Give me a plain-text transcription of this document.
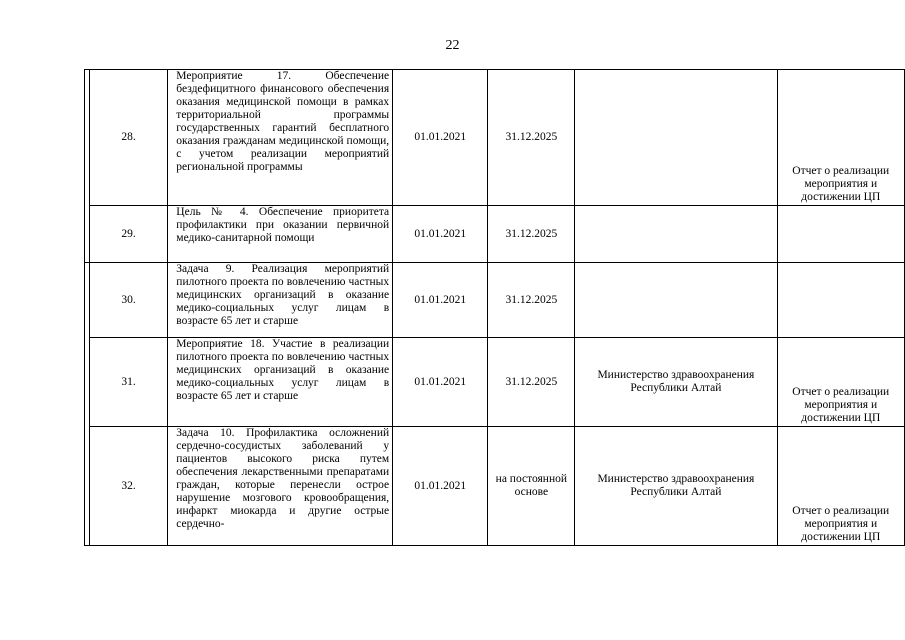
22
	28.	Мероприятие 17. Обеспечение бездефицитного финансового обеспечения оказания медицинской помощи в рамках территориальной программы государственных гарантий бесплатного оказания гражданам медицинской помощи, с учетом реализации мероприятий региональной программы	01.01.2021	31.12.2025		Отчет о реализации мероприятия и достижении ЦП
	29.	Цель № 4. Обеспечение приоритета профилактики при оказании первичной медико-санитарной помощи	01.01.2021	31.12.2025		
	30.	Задача 9. Реализация мероприятий пилотного проекта по вовлечению частных медицинских организаций в оказание медико-социальных услуг лицам в возрасте 65 лет и старше	01.01.2021	31.12.2025		
	31.	Мероприятие 18. Участие в реализации пилотного проекта по вовлечению частных медицинских организаций в оказание медико-социальных услуг лицам в возрасте 65 лет и старше	01.01.2021	31.12.2025	Министерство здравоохранения Республики Алтай	Отчет о реализации мероприятия и достижении ЦП
	32.	Задача 10. Профилактика осложнений сердечно-сосудистых заболеваний у пациентов высокого риска путем обеспечения лекарственными препаратами граждан, которые перенесли острое нарушение мозгового кровообращения, инфаркт миокарда и другие острые сердечно-	01.01.2021	на постоянной основе	Министерство здравоохранения Республики Алтай	Отчет о реализации мероприятия и достижении ЦП
